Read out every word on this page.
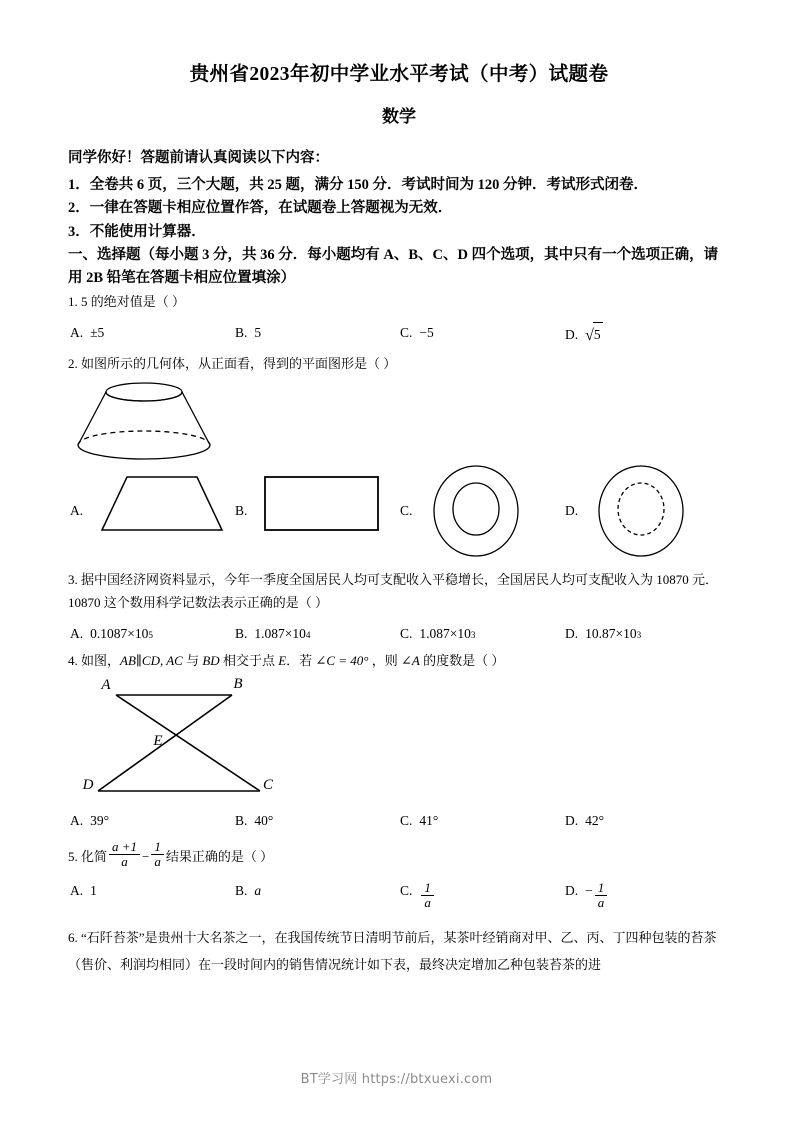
贵州省2023年初中学业水平考试（中考）试题卷
数学
同学你好！答题前请认真阅读以下内容：
1．全卷共 6 页，三个大题，共 25 题，满分 150 分．考试时间为 120 分钟．考试形式闭卷．
2．一律在答题卡相应位置作答，在试题卷上答题视为无效．
3．不能使用计算器．
一、选择题（每小题 3 分，共 36 分．每小题均有 A、B、C、D 四个选项，其中只有一个选项正确，请用 2B 铅笔在答题卡相应位置填涂）
1. 5 的绝对值是（ ）
A. ±5	B. 5	C. −5	D. √ 5
2. 如图所示的几何体，从正面看，得到的平面图形是（ ）
A.	B.	C.	D.
3. 据中国经济网资料显示，今年一季度全国居民人均可支配收入平稳增长，全国居民人均可支配收入为 10870 元．10870 这个数用科学记数法表示正确的是（ ）
A. 0.1087 × 10 5	B. 1.087 × 10 4	C. 1.087 × 10 3	D. 10.87 × 10 3
4. 如图，AB∥CD, AC 与 BD 相交于点 E．若 ∠C = 40° ，则 ∠A 的度数是（ ）
A	B
E
D	C
A. 39°	B. 40°	C. 41°	D. 42°
5. 化简 $\frac{a +1}{a} - \frac{1}{a}$ 结果正确的是（ ）
A. 1	B. a	C. $\frac{1}{a}$	D. − $\frac{1}{a}$
6. “石阡苔茶”是贵州十大名茶之一，在我国传统节日清明节前后，某茶叶经销商对甲、乙、丙、丁四种包装的苔茶（售价、利润均相同）在一段时间内的销售情况统计如下表，最终决定增加乙种包装苔茶的进
BT学习网 https://btxuexi.com
